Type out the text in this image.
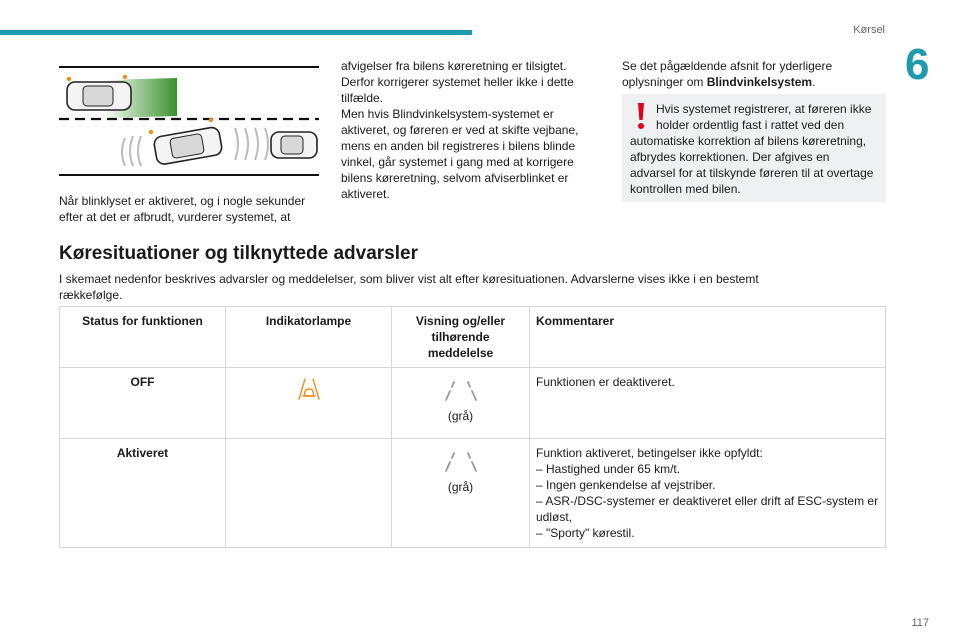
Kørsel
6

Når blinklyset er aktiveret, og i nogle sekunder efter at det er afbrudt, vurderer systemet, at

afvigelser fra bilens køreretning er tilsigtet. Derfor korrigerer systemet heller ikke i dette tilfælde.

Men hvis Blindvinkelsystem-systemet er aktiveret, og føreren er ved at skifte vejbane, mens en anden bil registreres i bilens blinde vinkel, går systemet i gang med at korrigere bilens køreretning, selvom afviserblinket er aktiveret.

Se det pågældende afsnit for yderligere oplysninger om Blindvinkelsystem.

Hvis systemet registrerer, at føreren ikke holder ordentlig fast i rattet ved den
automatiske korrektion af bilens køreretning, afbrydes korrektionen. Der afgives en advarsel for at tilskynde føreren til at overtage kontrollen med bilen.
Køresituationer og tilknyttede advarsler
I skemaet nedenfor beskrives advarsler og meddelelser, som bliver vist alt efter køresituationen. Advarslerne vises ikke i en bestemt rækkefølge.
Status for funktionen	Indikatorlampe	Visning og/eller tilhørende meddelelse	Kommentarer
OFF		(grå)	Funktionen er deaktiveret.

Aktiveret		(grå)	Funktion aktiveret, betingelser ikke opfyldt:
– Hastighed under 65 km/t.
– Ingen genkendelse af vejstriber.
– ASR-/DSC-systemer er deaktiveret eller drift af ESC-system er udløst,
– "Sporty" kørestil.
117
